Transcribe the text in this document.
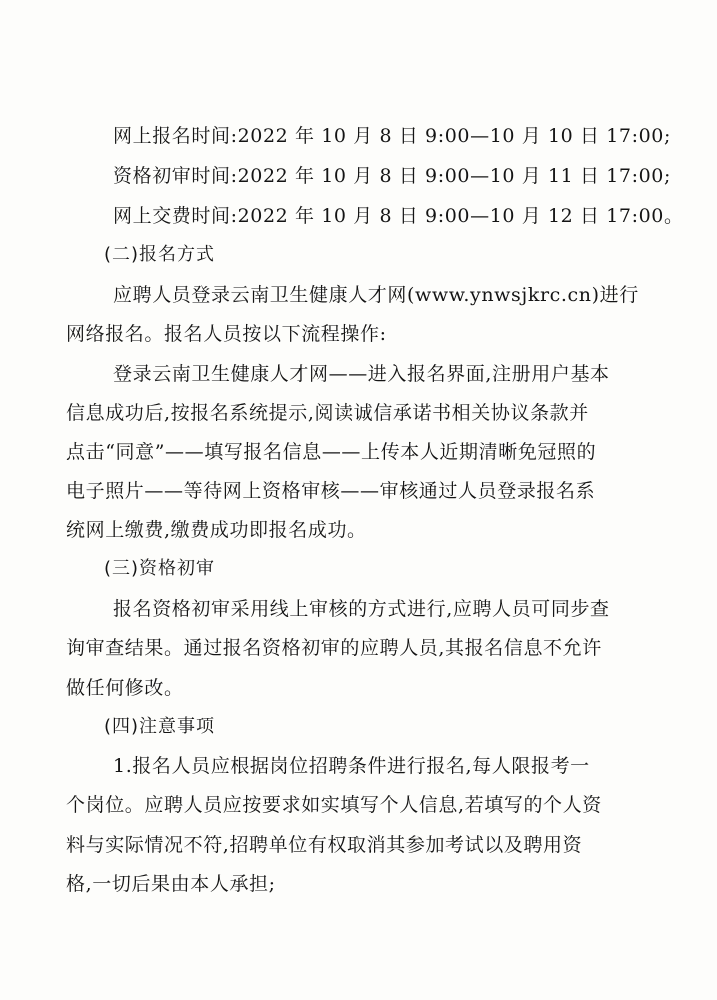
网上报名时间:2022 年 10 月 8 日 9:00—10 月 10 日 17:00;
资格初审时间:2022 年 10 月 8 日 9:00—10 月 11 日 17:00;
网上交费时间:2022 年 10 月 8 日 9:00—10 月 12 日 17:00。
(二)报名方式
应聘人员登录云南卫生健康人才网(www.ynwsjkrc.cn)进行
网络报名。报名人员按以下流程操作:
登录云南卫生健康人才网——进入报名界面,注册用户基本
信息成功后,按报名系统提示,阅读诚信承诺书相关协议条款并
点击“同意”——填写报名信息——上传本人近期清晰免冠照的
电子照片——等待网上资格审核——审核通过人员登录报名系
统网上缴费,缴费成功即报名成功。
(三)资格初审
报名资格初审采用线上审核的方式进行,应聘人员可同步查
询审查结果。通过报名资格初审的应聘人员,其报名信息不允许
做任何修改。
(四)注意事项
1.报名人员应根据岗位招聘条件进行报名,每人限报考一
个岗位。应聘人员应按要求如实填写个人信息,若填写的个人资
料与实际情况不符,招聘单位有权取消其参加考试以及聘用资
格,一切后果由本人承担;
